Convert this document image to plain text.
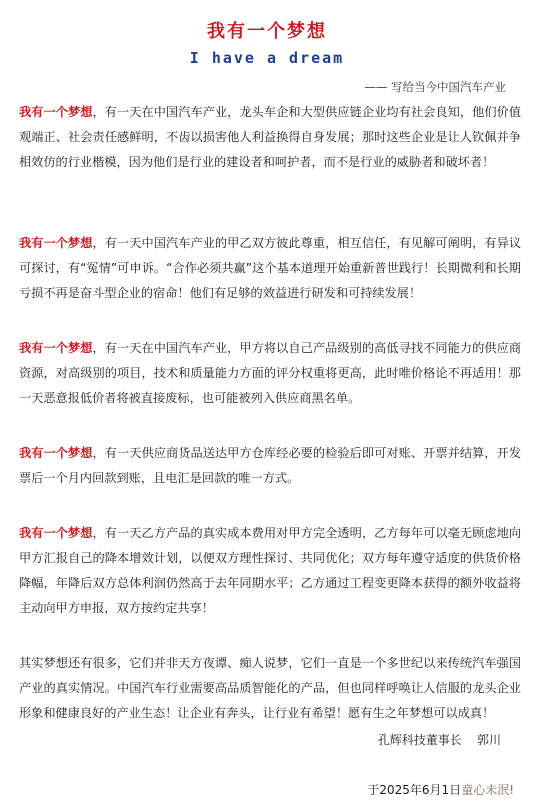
我有一个梦想
I have a dream
—— 写给当今中国汽车产业

我有一个梦想，有一天在中国汽车产业，龙头车企和大型供应链企业均有社会良知，他们价值观端正、社会责任感鲜明，不齿以损害他人利益换得自身发展；那时这些企业是让人钦佩并争相效仿的行业楷模，因为他们是行业的建设者和呵护者，而不是行业的威胁者和破坏者！

我有一个梦想，有一天中国汽车产业的甲乙双方彼此尊重，相互信任，有见解可阐明，有异议可探讨，有“冤情”可申诉。“合作必须共赢”这个基本道理开始重新普世践行！长期微利和长期亏损不再是奋斗型企业的宿命！他们有足够的效益进行研发和可持续发展！

我有一个梦想，有一天在中国汽车产业，甲方将以自己产品级别的高低寻找不同能力的供应商资源，对高级别的项目，技术和质量能力方面的评分权重将更高，此时唯价格论不再适用！那一天恶意报低价者将被直接废标，也可能被列入供应商黑名单。

我有一个梦想，有一天供应商货品送达甲方仓库经必要的检验后即可对账、开票并结算，开发票后一个月内回款到账，且电汇是回款的唯一方式。

我有一个梦想，有一天乙方产品的真实成本费用对甲方完全透明，乙方每年可以毫无顾虑地向甲方汇报自己的降本增效计划，以便双方理性探讨、共同优化；双方每年遵守适度的供货价格降幅，年降后双方总体利润仍然高于去年同期水平；乙方通过工程变更降本获得的额外收益将主动向甲方申报，双方按约定共享！

其实梦想还有很多，它们并非天方夜谭、痴人说梦，它们一直是一个多世纪以来传统汽车强国产业的真实情况。中国汽车行业需要高品质智能化的产品，但也同样呼唤让人信服的龙头企业形象和健康良好的产业生态！让企业有奔头，让行业有希望！愿有生之年梦想可以成真！

孔辉科技董事长 郭川
于2025年6月1日童心未泯!
